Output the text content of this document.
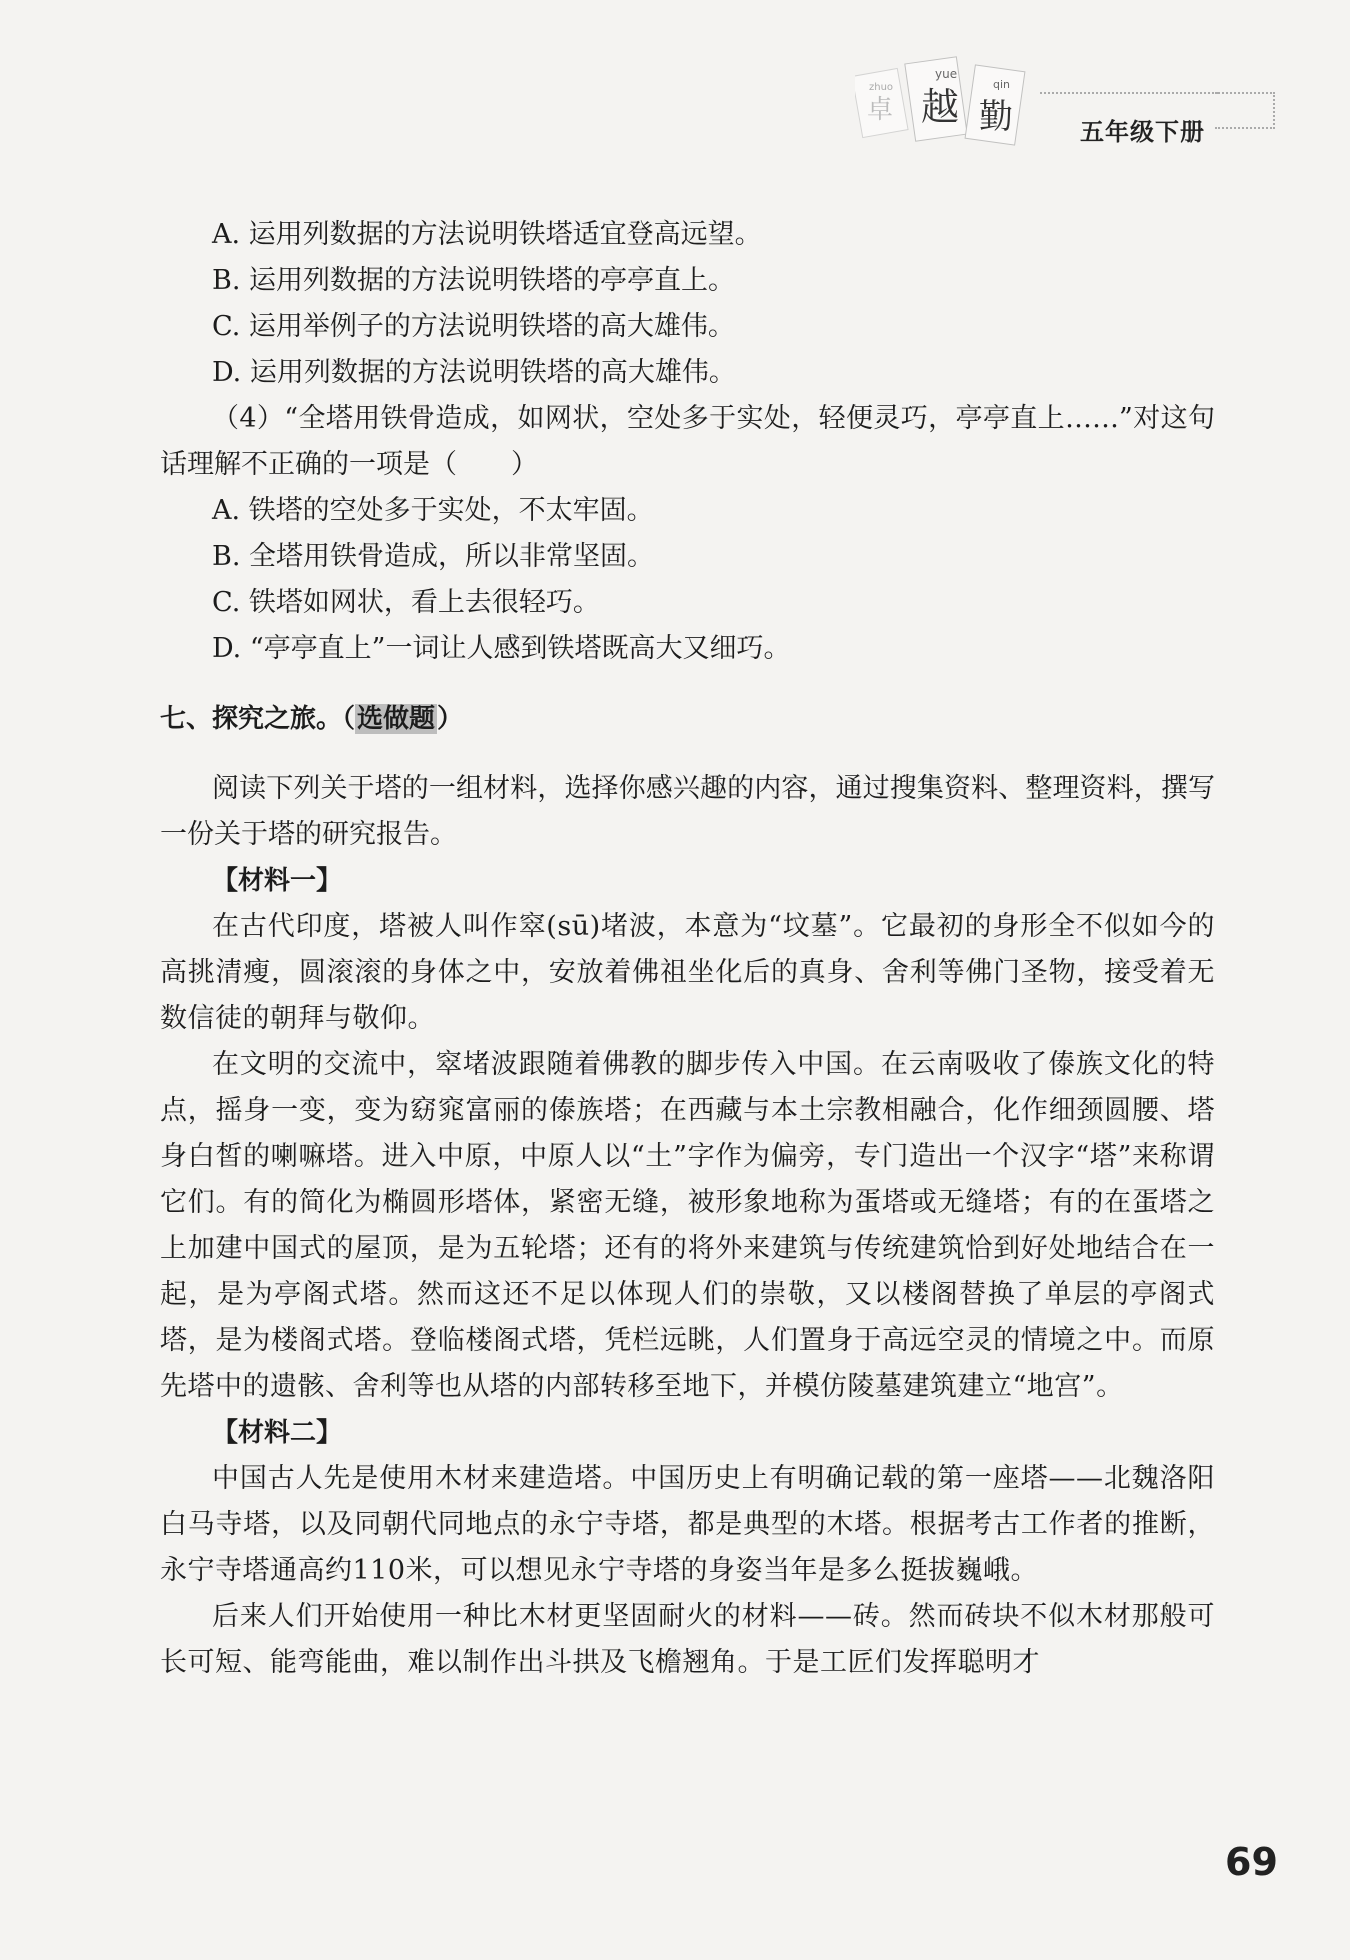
卓 越 勤
zhuo
yue
qin
五年级下册
A. 运用列数据的方法说明铁塔适宜登高远望。
B. 运用列数据的方法说明铁塔的亭亭直上。
C. 运用举例子的方法说明铁塔的高大雄伟。
D. 运用列数据的方法说明铁塔的高大雄伟。
（4）“全塔用铁骨造成，如网状，空处多于实处，轻便灵巧，亭亭直上……”对这句话理解不正确的一项是（　　）
A. 铁塔的空处多于实处，不太牢固。
B. 全塔用铁骨造成，所以非常坚固。
C. 铁塔如网状，看上去很轻巧。
D. “亭亭直上”一词让人感到铁塔既高大又细巧。
七、探究之旅。（选做题）
阅读下列关于塔的一组材料，选择你感兴趣的内容，通过搜集资料、整理资料，撰写一份关于塔的研究报告。
【材料一】
在古代印度，塔被人叫作窣(sū)堵波，本意为“坟墓”。它最初的身形全不似如今的高挑清瘦，圆滚滚的身体之中，安放着佛祖坐化后的真身、舍利等佛门圣物，接受着无数信徒的朝拜与敬仰。
在文明的交流中，窣堵波跟随着佛教的脚步传入中国。在云南吸收了傣族文化的特点，摇身一变，变为窈窕富丽的傣族塔；在西藏与本土宗教相融合，化作细颈圆腰、塔身白皙的喇嘛塔。进入中原，中原人以“土”字作为偏旁，专门造出一个汉字“塔”来称谓它们。有的简化为椭圆形塔体，紧密无缝，被形象地称为蛋塔或无缝塔；有的在蛋塔之上加建中国式的屋顶，是为五轮塔；还有的将外来建筑与传统建筑恰到好处地结合在一起，是为亭阁式塔。然而这还不足以体现人们的崇敬，又以楼阁替换了单层的亭阁式塔，是为楼阁式塔。登临楼阁式塔，凭栏远眺，人们置身于高远空灵的情境之中。而原先塔中的遗骸、舍利等也从塔的内部转移至地下，并模仿陵墓建筑建立“地宫”。
【材料二】
中国古人先是使用木材来建造塔。中国历史上有明确记载的第一座塔——北魏洛阳白马寺塔，以及同朝代同地点的永宁寺塔，都是典型的木塔。根据考古工作者的推断，永宁寺塔通高约110米，可以想见永宁寺塔的身姿当年是多么挺拔巍峨。
后来人们开始使用一种比木材更坚固耐火的材料——砖。然而砖块不似木材那般可长可短、能弯能曲，难以制作出斗拱及飞檐翘角。于是工匠们发挥聪明才
69
